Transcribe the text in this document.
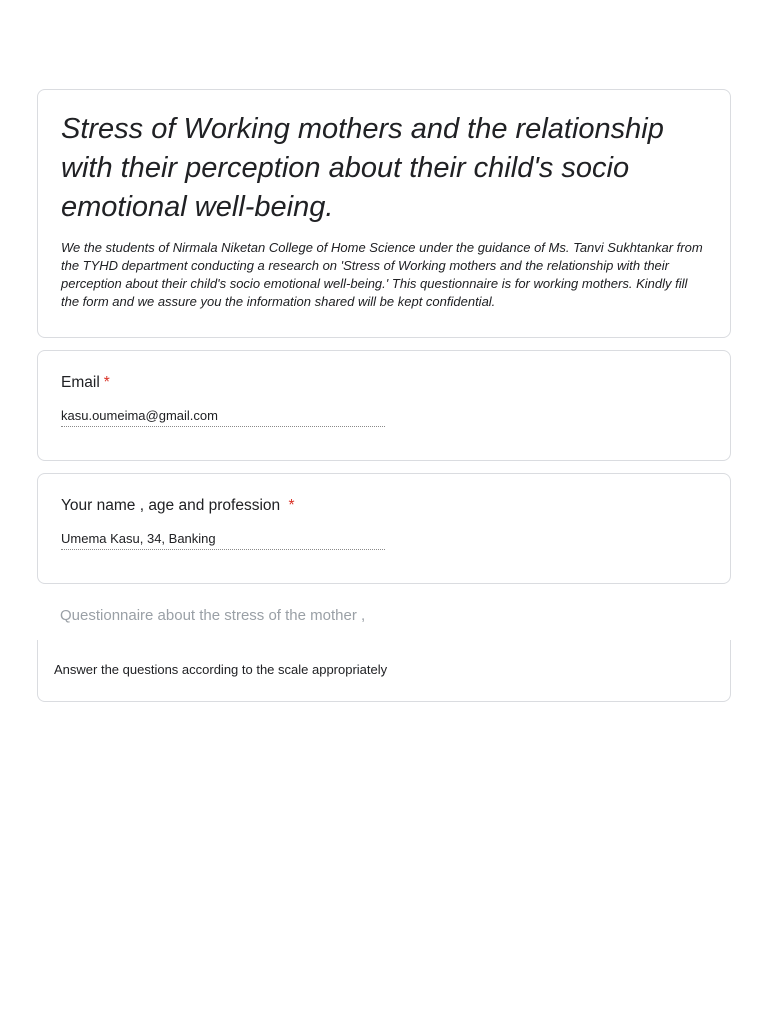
Stress of Working mothers and the relationship with their perception about their child's socio emotional well-being.
We the students of Nirmala Niketan College of Home Science under the guidance of Ms. Tanvi Sukhtankar from the TYHD department conducting a research on 'Stress of Working mothers and the relationship with their perception about their child's socio emotional well-being.' This questionnaire is for working mothers. Kindly fill the form and we assure you the information shared will be kept confidential.
Email *
kasu.oumeima@gmail.com
Your name , age and profession *
Umema Kasu, 34, Banking
Questionnaire about the stress of the mother ,
Answer the questions according to the scale appropriately
